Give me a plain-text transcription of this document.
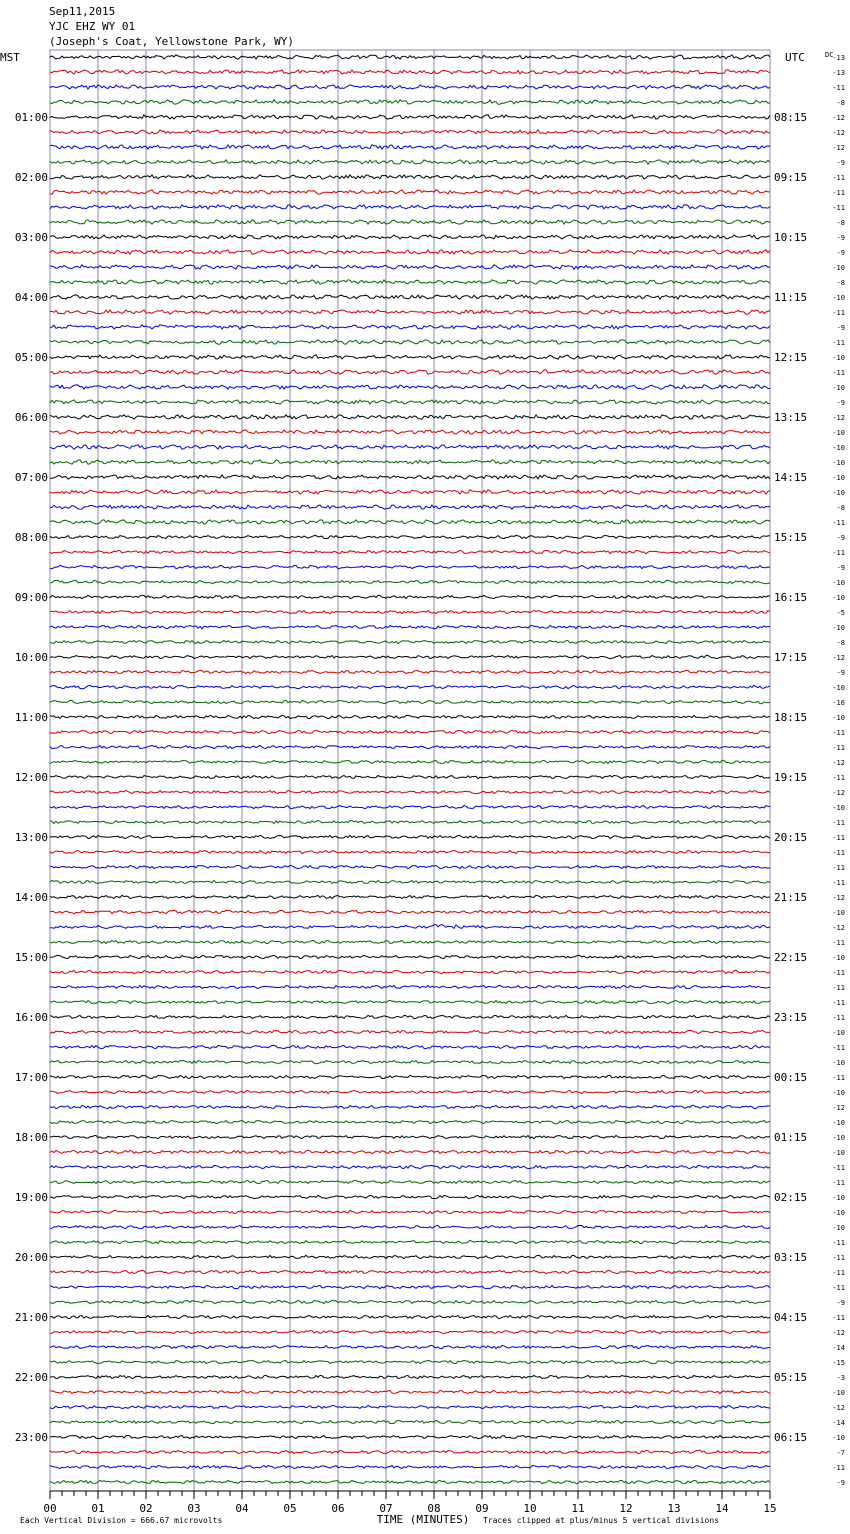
Sep11,2015
YJC EHZ WY 01
(Joseph's Coat, Yellowstone Park, WY)
MST	UTC	DC
01:00	08:15
02:00	09:15
03:00	10:15
04:00	11:15
05:00	12:15
06:00	13:15
07:00	14:15
08:00	15:15
09:00	16:15
10:00	17:15
11:00	18:15
12:00	19:15
13:00	20:15
14:00	21:15
15:00	22:15
16:00	23:15
17:00	00:15
18:00	01:15
19:00	02:15
20:00	03:15
21:00	04:15
22:00	05:15
23:00	06:15
-13
-13
-11
-8
-12
-12
-12
-9
-11
-11
-11
-8
-9
-9
-10
-8
-10
-11
-9
-11
-10
-11
-10
-9
-12
-10
-10
-10
-10
-10
-8
-11
-9
-11
-9
-10
-10
-5
-10
-8
-12
-9
-10
-16
-10
-11
-11
-12
-11
-12
-10
-11
-11
-11
-11
-11
-12
-10
-12
-11
-10
-11
-11
-11
-11
-10
-11
-10
-11
-10
-12
-10
-10
-10
-11
-11
-10
-10
-10
-11
-11
-11
-11
-9
-11
-12
-14
-15
-3
-10
-12
-14
-10
-7
-11
-9
00	01	02	03	04	05	06	07	08	09	10	11	12	13	14	15
TIME (MINUTES)
Each Vertical Division = 666.67 microvolts	Traces clipped at plus/minus 5 vertical divisions
